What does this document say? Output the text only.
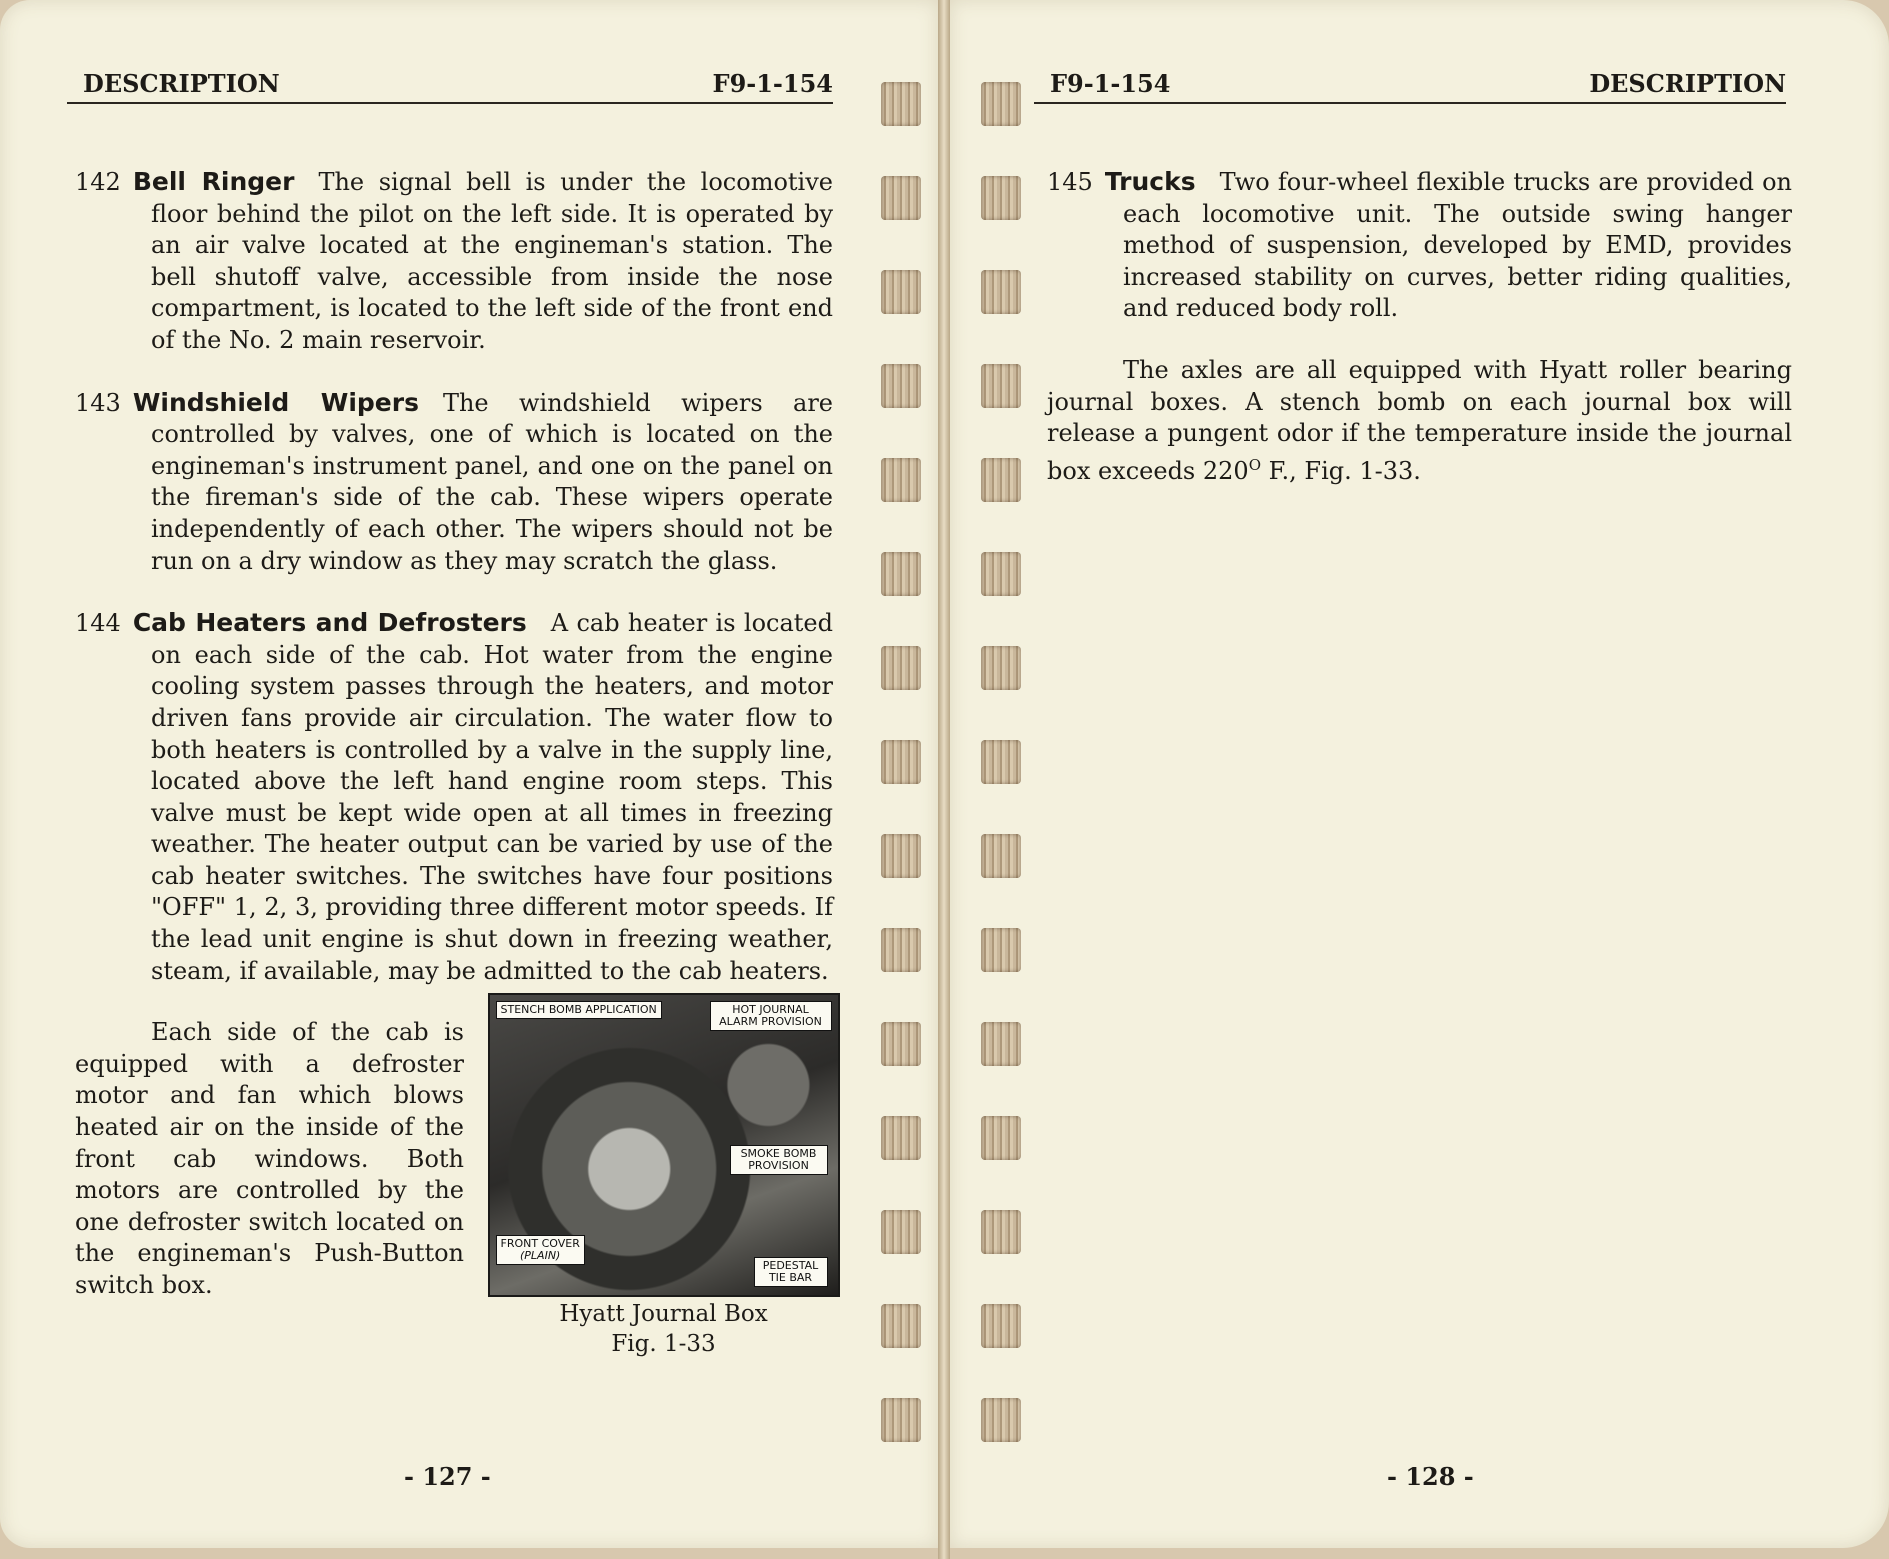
DESCRIPTION	F9-1-154

142 Bell Ringer The signal bell is under the locomotive floor behind the pilot on the left side. It is operated by an air valve located at the engineman's station. The bell shutoff valve, accessible from inside the nose compartment, is located to the left side of the front end of the No. 2 main reservoir.

143 Windshield Wipers The windshield wipers are controlled by valves, one of which is located on the engineman's instrument panel, and one on the panel on the fireman's side of the cab. These wipers operate independently of each other. The wipers should not be run on a dry window as they may scratch the glass.

144 Cab Heaters and Defrosters A cab heater is located on each side of the cab. Hot water from the engine cooling system passes through the heaters, and motor driven fans provide air circulation. The water flow to both heaters is controlled by a valve in the supply line, located above the left hand engine room steps. This valve must be kept wide open at all times in freezing weather. The heater output can be varied by use of the cab heater switches. The switches have four positions "OFF" 1, 2, 3, providing three different motor speeds. If the lead unit engine is shut down in freezing weather, steam, if available, may be admitted to the cab heaters.

STENCH BOMB APPLICATION	HOT JOURNAL ALARM PROVISION
SMOKE BOMB PROVISION
FRONT COVER
(PLAIN)
PEDESTAL TIE BAR
Hyatt Journal Box
Fig. 1-33

Each side of the cab is equipped with a defroster motor and fan which blows heated air on the inside of the front cab windows. Both motors are controlled by the one defroster switch located on the engineman's Push-Button switch box.

- 127 -
F9-1-154	DESCRIPTION

145 Trucks Two four-wheel flexible trucks are provided on each locomotive unit. The outside swing hanger method of suspension, developed by EMD, provides increased stability on curves, better riding qualities, and reduced body roll.

The axles are all equipped with Hyatt roller bearing journal boxes. A stench bomb on each journal box will release a pungent odor if the temperature inside the journal box exceeds $220^O$ F., Fig. 1-33.

- 128 -
